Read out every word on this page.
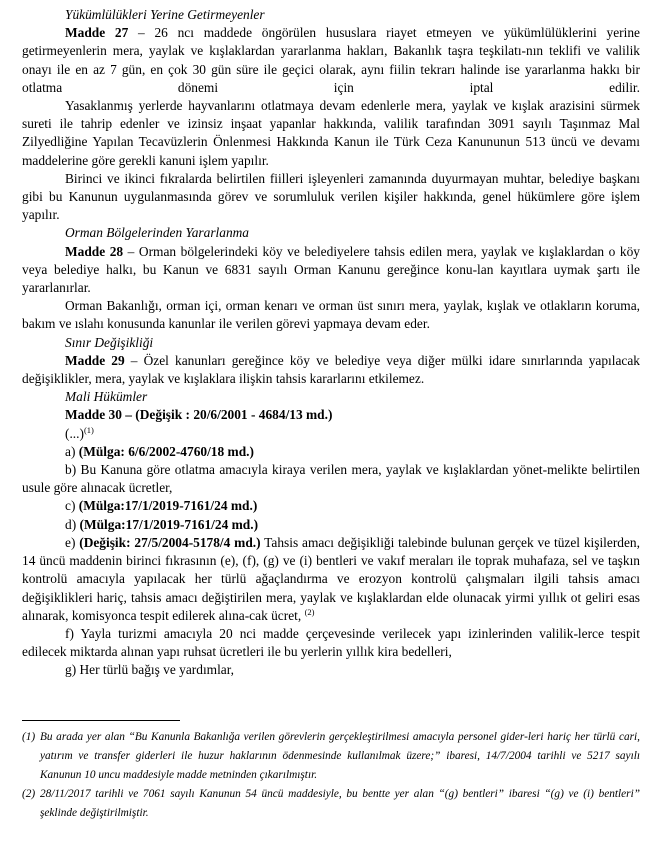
Yükümlülükleri Yerine Getirmeyenler

Madde 27 – 26 ncı maddede öngörülen hususlara riayet etmeyen ve yükümlülüklerini yerine getirmeyenlerin mera, yaylak ve kışlaklardan yararlanma hakları, Bakanlık taşra teşkilatı-nın teklifi ve valilik onayı ile en az 7 gün, en çok 30 gün süre ile geçici olarak, aynı fiilin tekrarı halinde ise yararlanma hakkı bir otlatma dönemi için iptal edilir.

Yasaklanmış yerlerde hayvanlarını otlatmaya devam edenlerle mera, yaylak ve kışlak arazisini sürmek sureti ile tahrip edenler ve izinsiz inşaat yapanlar hakkında, valilik tarafından 3091 sayılı Taşınmaz Mal Zilyedliğine Yapılan Tecavüzlerin Önlenmesi Hakkında Kanun ile Türk Ceza Kanununun 513 üncü ve devamı maddelerine göre gerekli kanuni işlem yapılır.

Birinci ve ikinci fıkralarda belirtilen fiilleri işleyenleri zamanında duyurmayan muhtar, belediye başkanı gibi bu Kanunun uygulanmasında görev ve sorumluluk verilen kişiler hakkında, genel hükümlere göre işlem yapılır.

Orman Bölgelerinden Yararlanma

Madde 28 – Orman bölgelerindeki köy ve belediyelere tahsis edilen mera, yaylak ve kışlaklardan o köy veya belediye halkı, bu Kanun ve 6831 sayılı Orman Kanunu gereğince konu-lan kayıtlara uymak şartı ile yararlanırlar.

Orman Bakanlığı, orman içi, orman kenarı ve orman üst sınırı mera, yaylak, kışlak ve otlakların koruma, bakım ve ıslahı konusunda kanunlar ile verilen görevi yapmaya devam eder.

Sınır Değişikliği

Madde 29 – Özel kanunları gereğince köy ve belediye veya diğer mülki idare sınırlarında yapılacak değişiklikler, mera, yaylak ve kışlaklara ilişkin tahsis kararlarını etkilemez.

Mali Hükümler

Madde 30 – (Değişik : 20/6/2001 - 4684/13 md.)

(...)$^{(1)}$

a) (Mülga: 6/6/2002-4760/18 md.)

b) Bu Kanuna göre otlatma amacıyla kiraya verilen mera, yaylak ve kışlaklardan yönet-melikte belirtilen usule göre alınacak ücretler,

c) (Mülga:17/1/2019-7161/24 md.)

d) (Mülga:17/1/2019-7161/24 md.)

e) (Değişik: 27/5/2004-5178/4 md.) Tahsis amacı değişikliği talebinde bulunan gerçek ve tüzel kişilerden, 14 üncü maddenin birinci fıkrasının (e), (f), (g) ve (i) bentleri ve vakıf meraları ile toprak muhafaza, sel ve taşkın kontrolü amacıyla yapılacak her türlü ağaçlandırma ve erozyon kontrolü çalışmaları ilgili tahsis amacı değişiklikleri hariç, tahsis amacı değiştirilen mera, yaylak ve kışlaklardan elde olunacak yirmi yıllık ot geliri esas alınarak, komisyonca tespit edilerek alına-cak ücret, $^{(2)}$

f) Yayla turizmi amacıyla 20 nci madde çerçevesinde verilecek yapı izinlerinden valilik-lerce tespit edilecek miktarda alınan yapı ruhsat ücretleri ile bu yerlerin yıllık kira bedelleri,

g) Her türlü bağış ve yardımlar,

(1) Bu arada yer alan “Bu Kanunla Bakanlığa verilen görevlerin gerçekleştirilmesi amacıyla personel gider-leri hariç her türlü cari, yatırım ve transfer giderleri ile huzur haklarının ödenmesinde kullanılmak üzere;” ibaresi, 14/7/2004 tarihli ve 5217 sayılı Kanunun 10 uncu maddesiyle madde metninden çıkarılmıştır.
(2) 28/11/2017 tarihli ve 7061 sayılı Kanunun 54 üncü maddesiyle, bu bentte yer alan “(g) bentleri” ibaresi “(g) ve (i) bentleri” şeklinde değiştirilmiştir.
